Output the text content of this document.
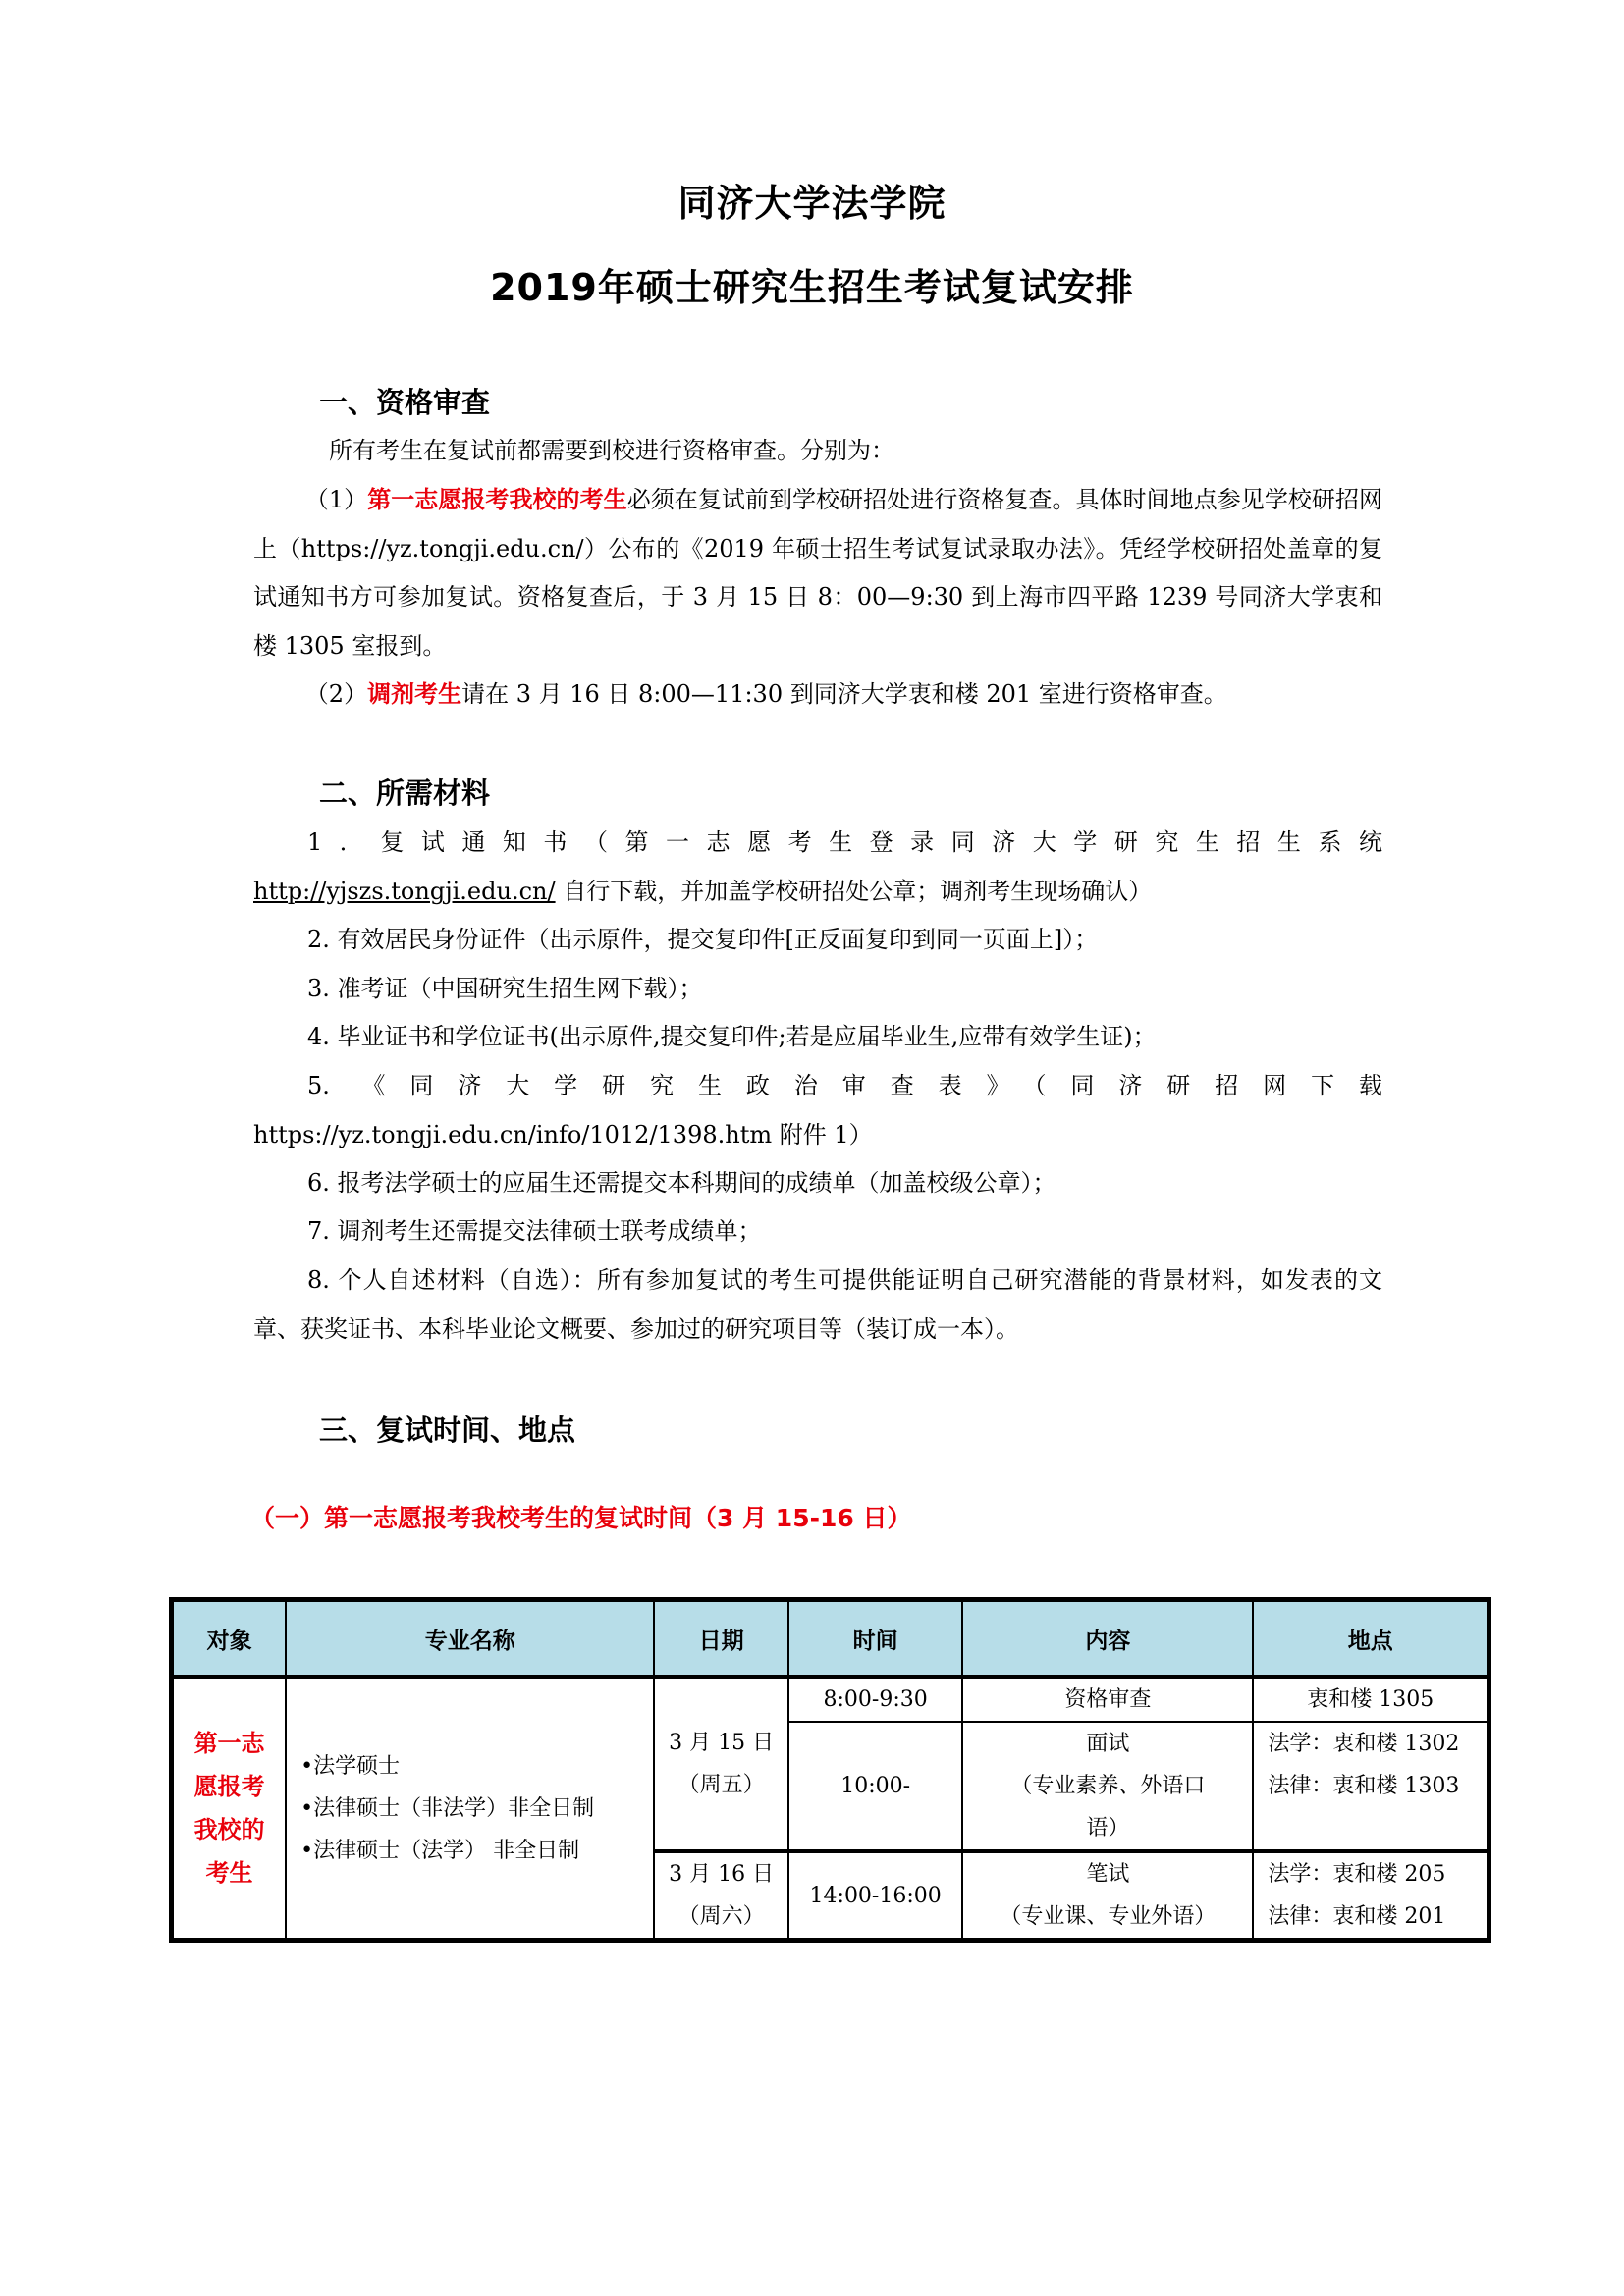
同济大学法学院
2019年硕士研究生招生考试复试安排
一、资格审查
所有考生在复试前都需要到校进行资格审查。分别为：
（1）第一志愿报考我校的考生必须在复试前到学校研招处进行资格复查。具体时间地点参见学校研招网上（https://yz.tongji.edu.cn/）公布的《2019 年硕士招生考试复试录取办法》。凭经学校研招处盖章的复试通知书方可参加复试。资格复查后，于 3 月 15 日 8：00—9:30 到上海市四平路 1239 号同济大学衷和楼 1305 室报到。
（2）调剂考生请在 3 月 16 日 8:00—11:30 到同济大学衷和楼 201 室进行资格审查。
二、所需材料
1．复试通知书（第一志愿考生登录同济大学研究生招生系统
http://yjszs.tongji.edu.cn/ 自行下载，并加盖学校研招处公章；调剂考生现场确认）
2. 有效居民身份证件（出示原件，提交复印件[正反面复印到同一页面上]）；
3. 准考证（中国研究生招生网下载）；
4. 毕业证书和学位证书(出示原件,提交复印件;若是应届毕业生,应带有效学生证)；
5. 《同济大学研究生政治审查表》（同济研招网下载
https://yz.tongji.edu.cn/info/1012/1398.htm 附件 1）
6. 报考法学硕士的应届生还需提交本科期间的成绩单（加盖校级公章）；
7. 调剂考生还需提交法律硕士联考成绩单；
8. 个人自述材料（自选）：所有参加复试的考生可提供能证明自己研究潜能的背景材料，如发表的文章、获奖证书、本科毕业论文概要、参加过的研究项目等（装订成一本）。
三、复试时间、地点
（一）第一志愿报考我校考生的复试时间（3 月 15-16 日）
对象	专业名称	日期	时间	内容	地点

第一志
愿报考
我校的
考生	•法学硕士
•法律硕士（非法学）非全日制
•法律硕士（法学） 非全日制	3 月 15 日
（周五）	8:00-9:30	资格审查	衷和楼 1305
			10:00-	面试
（专业素养、外语口语）	法学：衷和楼 1302
法律：衷和楼 1303

		3 月 16 日
（周六）	14:00-16:00	笔试
（专业课、专业外语）	法学：衷和楼 205
法律：衷和楼 201
